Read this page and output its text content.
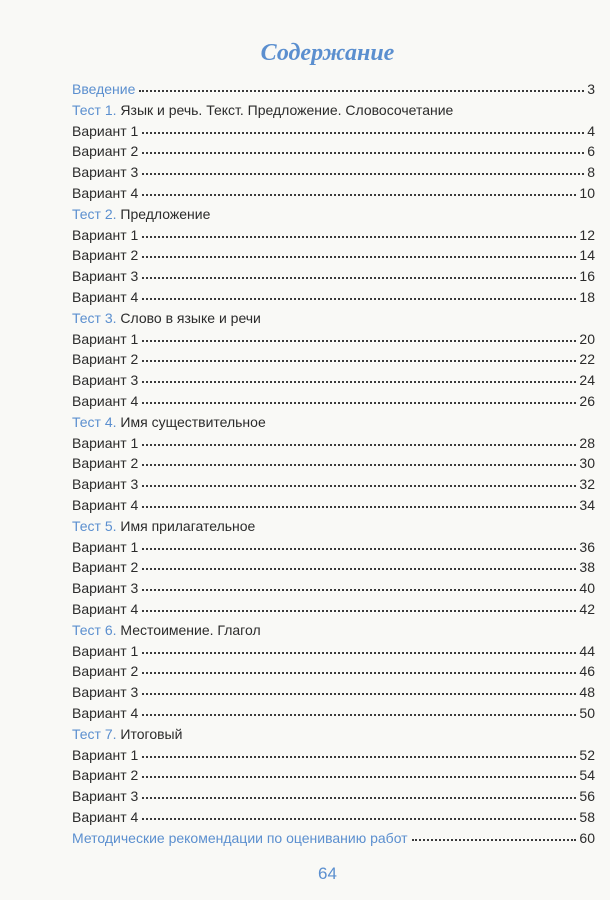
Содержание
Введение	3
Тест 1.
Язык и речь. Текст. Предложение. Словосочетание
Вариант 1	4
Вариант 2	6
Вариант 3	8
Вариант 4	10
Тест 2.
Предложение
Вариант 1	12
Вариант 2	14
Вариант 3	16
Вариант 4	18
Тест 3.
Слово в языке и речи
Вариант 1	20
Вариант 2	22
Вариант 3	24
Вариант 4	26
Тест 4.
Имя существительное
Вариант 1	28
Вариант 2	30
Вариант 3	32
Вариант 4	34
Тест 5.
Имя прилагательное
Вариант 1	36
Вариант 2	38
Вариант 3	40
Вариант 4	42
Тест 6.
Местоимение. Глагол
Вариант 1	44
Вариант 2	46
Вариант 3	48
Вариант 4	50
Тест 7.
Итоговый
Вариант 1	52
Вариант 2	54
Вариант 3	56
Вариант 4	58
Методические рекомендации по оцениванию работ	60
64
